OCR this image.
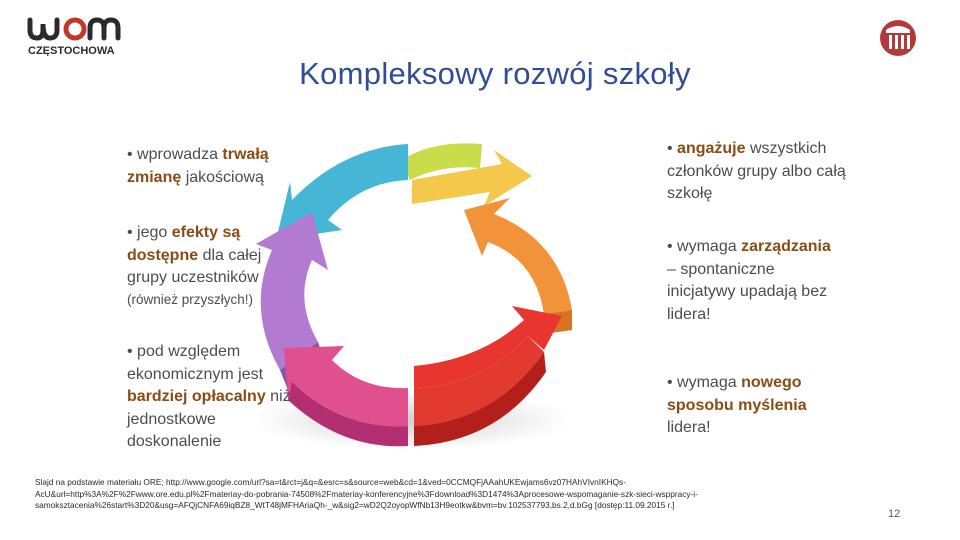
CZĘSTOCHOWA
Kompleksowy rozwój szkoły
• wprowadza trwałą zmianę jakościową
• jego efekty są dostępne dla całej grupy uczestników
(również przyszłych!)
• pod względem ekonomicznym jest bardziej opłacalny niż jednostkowe doskonalenie
• angażuje wszystkich członków grupy albo całą szkołę
• wymaga zarządzania – spontaniczne inicjatywy upadają bez lidera!
• wymaga nowego sposobu myślenia lidera!
Slajd na podstawie materiału ORE; http://www.google.com/url?sa=t&rct=j&q=&esrc=s&source=web&cd=1&ved=0CCMQFjAAahUKEwjams6vz07HAhVIvnIKHQs-AcU&url=http%3A%2F%2Fwww.ore.edu.pl%2Fmateriay-do-pobrania-74508%2Fmateriay-konferencyjne%3Fdownload%3D1474%3Aprocesowe-wspomaganie-szk-sieci-wsppracy-i-samoksztacenia%26start%3D20&usg=AFQjCNFA69iqBZ8_WtT48jMFHAriaQh-_w&sig2=wD2Q2oyopWfNb13H9eotkw&bvm=bv.102537793,bs.2,d.bGg [dostęp:11.09.2015 r.]
12
